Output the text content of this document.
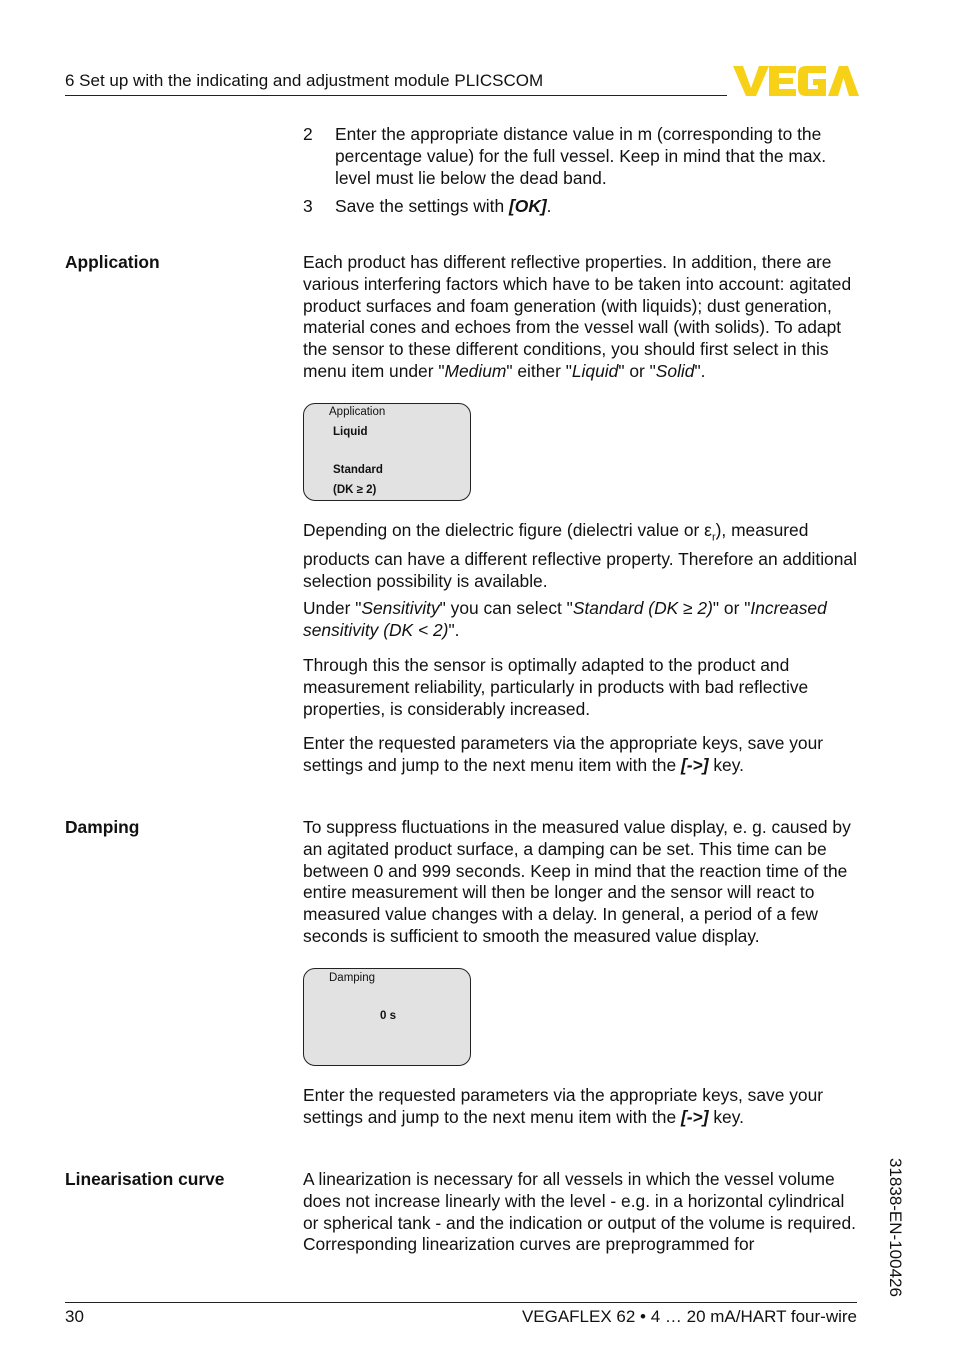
6 Set up with the indicating and adjustment module PLICSCOM
2 Enter the appropriate distance value in m (corresponding to the percentage value) for the full vessel. Keep in mind that the max. level must lie below the dead band.
3 Save the settings with [OK].
Application	Each product has different reflective properties. In addition, there are various interfering factors which have to be taken into account: agitated product surfaces and foam generation (with liquids); dust generation, material cones and echoes from the vessel wall (with solids). To adapt the sensor to these different conditions, you should first select in this menu item under "Medium" either "Liquid" or "Solid".
Application
Liquid
Standard
(DK ≥ 2)
Depending on the dielectric figure (dielectri value or $\varepsilon_r$), measured products can have a different reflective property. Therefore an additional selection possibility is available.
Under "Sensitivity" you can select "Standard (DK ≥ 2)" or "Increased sensitivity (DK < 2)".
Through this the sensor is optimally adapted to the product and measurement reliability, particularly in products with bad reflective properties, is considerably increased.
Enter the requested parameters via the appropriate keys, save your settings and jump to the next menu item with the [->] key.
Damping	To suppress fluctuations in the measured value display, e. g. caused by an agitated product surface, a damping can be set. This time can be between 0 and 999 seconds. Keep in mind that the reaction time of the entire measurement will then be longer and the sensor will react to measured value changes with a delay. In general, a period of a few seconds is sufficient to smooth the measured value display.
Damping
0 s
Enter the requested parameters via the appropriate keys, save your settings and jump to the next menu item with the [->] key.
Linearisation curve	A linearization is necessary for all vessels in which the vessel volume does not increase linearly with the level - e.g. in a horizontal cylindrical or spherical tank - and the indication or output of the volume is required. Corresponding linearization curves are preprogrammed for	31838-EN-100426
30	VEGAFLEX 62 • 4 … 20 mA/HART four-wire
